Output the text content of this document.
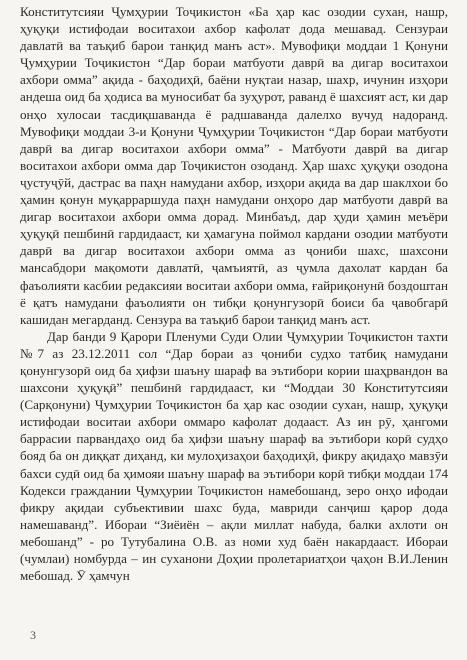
Конститутсияи Ҷумҳурии Тоҷикистон «Ба ҳар кас озодии сухан, нашр, ҳуқуқи истифодаи воситахои ахбор кафолат дода мешавад. Сензураи давлатӣ ва таъқиб барои танқид манъ аст». Мувофиқи моддаи 1 Қонуни Ҷумҳурии Тоҷикистон “Дар бораи матбуоти даврӣ ва дигар воситахои ахбори омма” ақида - баҳодиҳӣ, баёни нуқтаи назар, шахр, ичунин изҳори андеша оид ба ҳодиса ва муносибат ба зуҳурот, раванд ё шахсият аст, ки дар онҳо хулосаи тасдиқшаванда ё радшаванда далелхо вучуд надоранд. Мувофиқи моддаи 3-и Қонуни Ҷумҳурии Тоҷикистон “Дар бораи матбуоти даврӣ ва дигар воситахои ахбори омма” - Матбуоти даврӣ ва дигар воситахои ахбори омма дар Тоҷикистон озоданд. Ҳар шахс ҳуқуқи озодона ҷустуҷӯй, дастрас ва паҳн намудани ахбор, изҳори ақида ва дар шаклхои бо ҳамин қонун муқарраршуда паҳн намудани онҳоро дар матбуоти даврӣ ва дигар воситахои ахбори омма дорад. Минбаъд, дар ҳуди ҳамин меъёри ҳуқуқӣ пешбинӣ гардидааст, ки ҳамагуна поймол кардани озодии матбуоти даврӣ ва дигар воситахои ахбори омма аз ҷониби шахс, шахсони мансабдори мақомоти давлатӣ, ҷамъиятӣ, аз ҷумла дахолат кардан ба фаъолияти касбии редаксияи воситаи ахбори омма, ғайриқонунӣ боздоштан ё қатъ намудани фаъолияти он тибқи қонунгузорӣ боиси ба ҷавобгарӣ кашидан мегарданд. Сензура ва таъқиб барои танқид манъ аст.

Дар банди 9 Қарори Пленуми Суди Олии Ҷумҳурии Тоҷикистон тахти №7 аз 23.12.2011 сол “Дар бораи аз ҷониби судхо татбиқ намудани қонунгузорӣ оид ба ҳифзи шаъну шараф ва эътибори кории шаҳрвандон ва шахсони ҳуқуқӣ” пешбинӣ гардидааст, ки “Моддаи 30 Конститутсияи (Сарқонуни) Ҷумҳурии Тоҷикистон ба ҳар кас озодии сухан, нашр, ҳуқуқи истифодаи воситаи ахбори оммаро кафолат додааст. Аз ин рӯ, ҳангоми баррасии парвандаҳо оид ба ҳифзи шаъну шараф ва эътибори корӣ судҳо бояд ба он диққат диҳанд, ки мулоҳизаҳои баҳодиҳӣ, фикру ақидаҳо мавзӯи бахси судӣ оид ба ҳимояи шаъну шараф ва эътибори корӣ тибқи моддаи 174 Кодекси граждании Ҷумҳурии Тоҷикистон намебошанд, зеро онҳо ифодаи фикру ақидаи субъективии шахс буда, мавриди санҷиш қарор дода намешаванд”. Ибораи “Зиёиён – ақли миллат набуда, балки ахлоти он мебошанд” - ро Тутубалина О.В. аз номи худ баён накардааст. Ибораи (чумлаи) номбурда – ин суханони Доҳии пролетариатҳои ҷаҳон В.И.Ленин мебошад. Ӯ ҳамчун

3
